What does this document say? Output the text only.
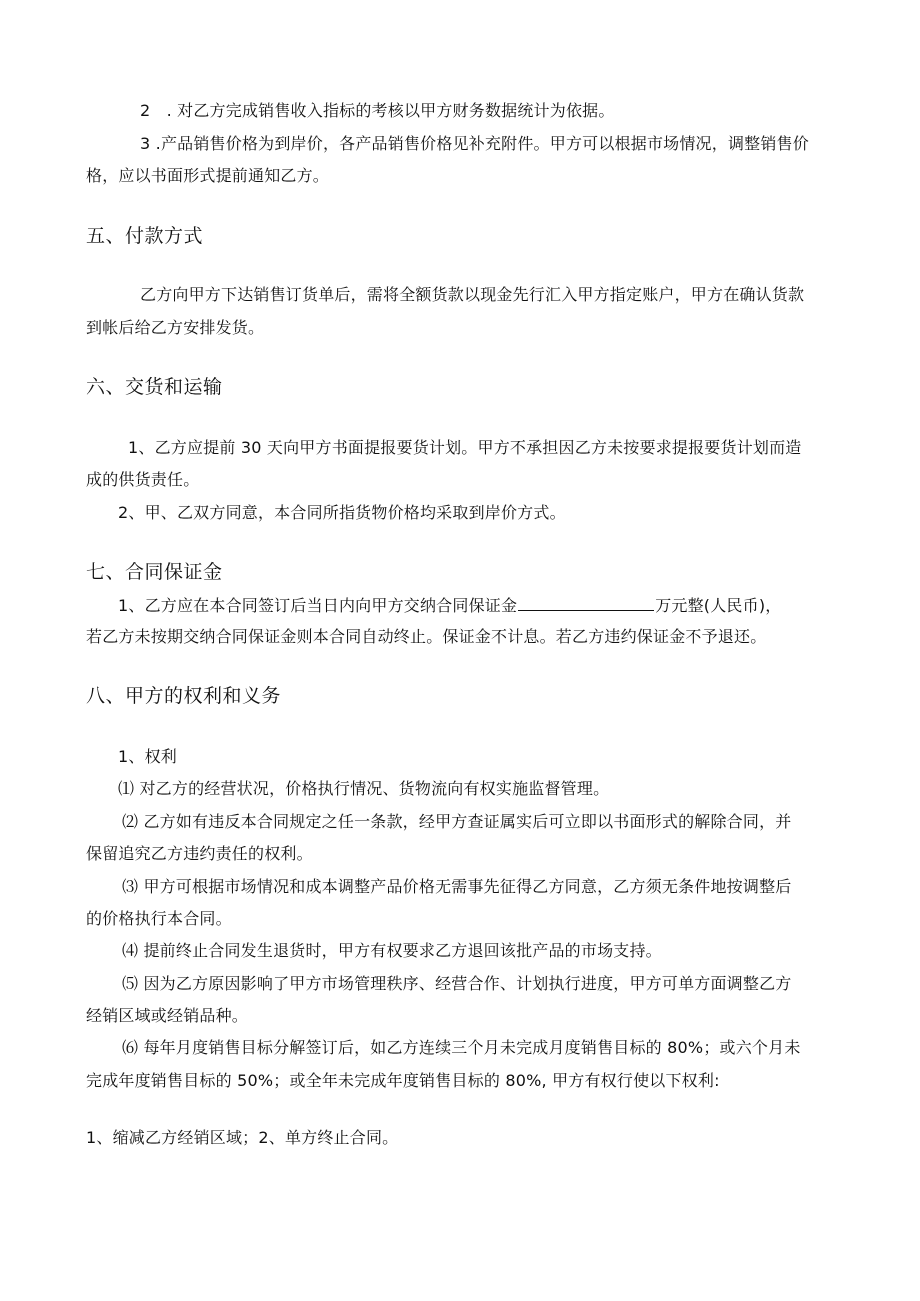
2　. 对乙方完成销售收入指标的考核以甲方财务数据统计为依据。
3 .产品销售价格为到岸价，各产品销售价格见补充附件。甲方可以根据市场情况，调整销售价
格，应以书面形式提前通知乙方。
五、付款方式
乙方向甲方下达销售订货单后，需将全额货款以现金先行汇入甲方指定账户，甲方在确认货款
到帐后给乙方安排发货。
六、交货和运输
1、乙方应提前 30 天向甲方书面提报要货计划。甲方不承担因乙方未按要求提报要货计划而造
成的供货责任。
2、甲、乙双方同意，本合同所指货物价格均采取到岸价方式。
七、合同保证金
1、乙方应在本合同签订后当日内向甲方交纳合同保证金	万元整(人民币)，
若乙方未按期交纳合同保证金则本合同自动终止。保证金不计息。若乙方违约保证金不予退还。
八、甲方的权利和义务
1、权利
⑴ 对乙方的经营状况，价格执行情况、货物流向有权实施监督管理。
⑵ 乙方如有违反本合同规定之任一条款，经甲方查证属实后可立即以书面形式的解除合同，并
保留追究乙方违约责任的权利。
⑶ 甲方可根据市场情况和成本调整产品价格无需事先征得乙方同意，乙方须无条件地按调整后
的价格执行本合同。
⑷ 提前终止合同发生退货时，甲方有权要求乙方退回该批产品的市场支持。
⑸ 因为乙方原因影响了甲方市场管理秩序、经营合作、计划执行进度，甲方可单方面调整乙方
经销区域或经销品种。
⑹ 每年月度销售目标分解签订后，如乙方连续三个月未完成月度销售目标的 80%；或六个月未
完成年度销售目标的 50%；或全年未完成年度销售目标的 80%, 甲方有权行使以下权利:
1、缩减乙方经销区域；2、单方终止合同。
